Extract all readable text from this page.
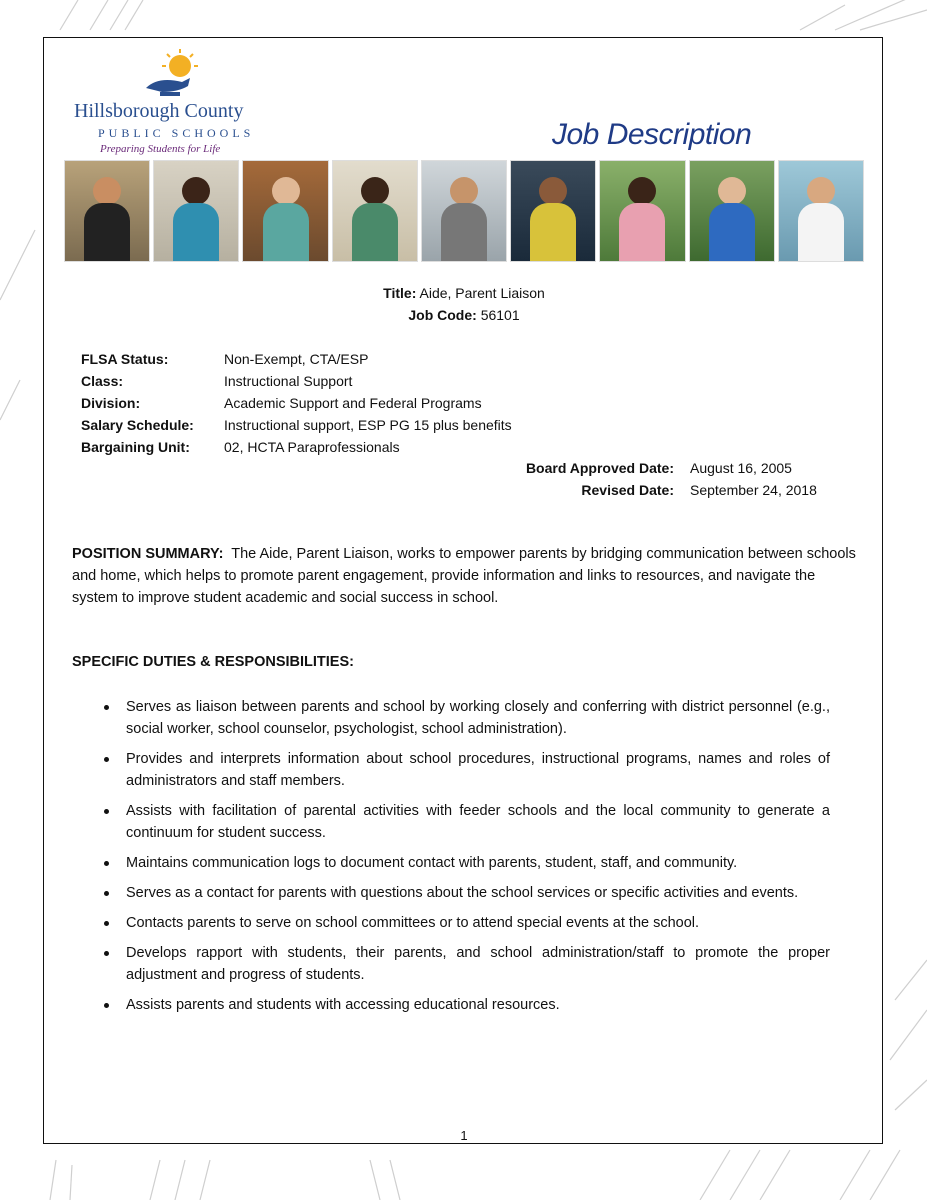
Hillsborough County
PUBLIC SCHOOLS
Preparing Students for Life	Job Description
Title: Aide, Parent Liaison
Job Code: 56101
FLSA Status:	Non-Exempt, CTA/ESP
Class:	Instructional Support
Division:	Academic Support and Federal Programs
Salary Schedule:	Instructional support, ESP PG 15 plus benefits
Bargaining Unit:	02, HCTA Paraprofessionals
Board Approved Date:	August 16, 2005
Revised Date:	September 24, 2018
POSITION SUMMARY: The Aide, Parent Liaison, works to empower parents by bridging communication between schools and home, which helps to promote parent engagement, provide information and links to resources, and navigate the system to improve student academic and social success in school.
SPECIFIC DUTIES & RESPONSIBILITIES:
Serves as liaison between parents and school by working closely and conferring with district personnel (e.g., social worker, school counselor, psychologist, school administration).
Provides and interprets information about school procedures, instructional programs, names and roles of administrators and staff members.
Assists with facilitation of parental activities with feeder schools and the local community to generate a continuum for student success.
Maintains communication logs to document contact with parents, student, staff, and community.
Serves as a contact for parents with questions about the school services or specific activities and events.
Contacts parents to serve on school committees or to attend special events at the school.
Develops rapport with students, their parents, and school administration/staff to promote the proper adjustment and progress of students.
Assists parents and students with accessing educational resources.
1
